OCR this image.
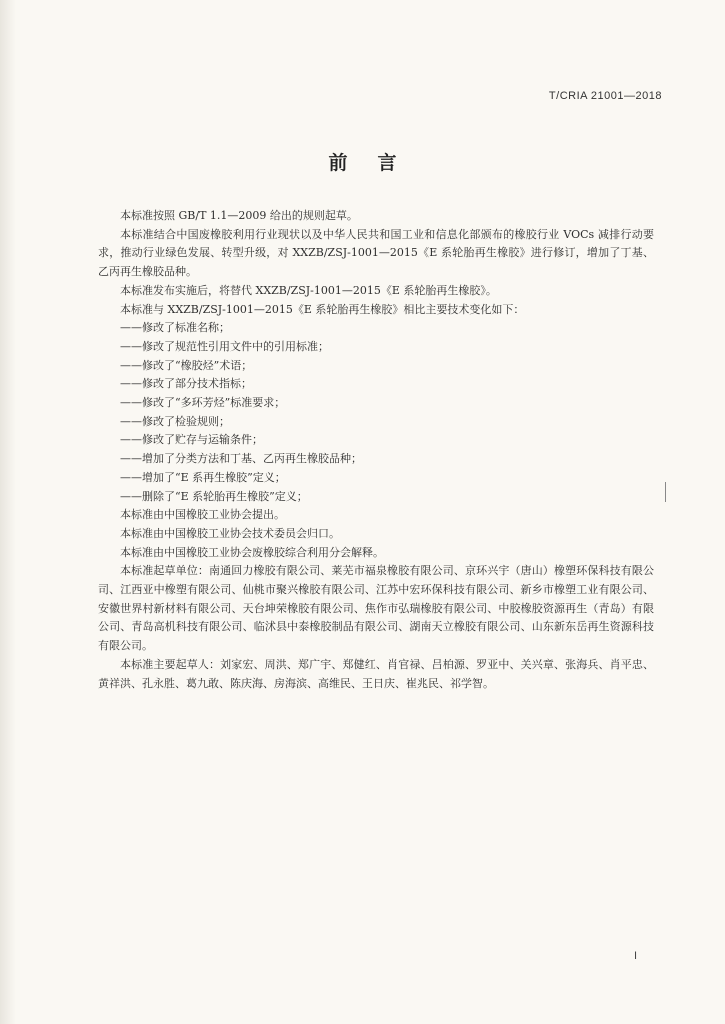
T/CRIA 21001—2018
前言

本标准按照 GB/T 1.1—2009 给出的规则起草。

本标准结合中国废橡胶利用行业现状以及中华人民共和国工业和信息化部颁布的橡胶行业 VOCs 减排行动要求，推动行业绿色发展、转型升级，对 XXZB/ZSJ-1001—2015《E 系轮胎再生橡胶》进行修订，增加了丁基、乙丙再生橡胶品种。

本标准发布实施后，将替代 XXZB/ZSJ-1001—2015《E 系轮胎再生橡胶》。

本标准与 XXZB/ZSJ-1001—2015《E 系轮胎再生橡胶》相比主要技术变化如下：

——修改了标准名称；

——修改了规范性引用文件中的引用标准；

——修改了“橡胶烃”术语；

——修改了部分技术指标；

——修改了“多环芳烃”标准要求；

——修改了检验规则；

——修改了贮存与运输条件；

——增加了分类方法和丁基、乙丙再生橡胶品种；

——增加了“E 系再生橡胶”定义；

——删除了“E 系轮胎再生橡胶”定义；

本标准由中国橡胶工业协会提出。

本标准由中国橡胶工业协会技术委员会归口。

本标准由中国橡胶工业协会废橡胶综合利用分会解释。

本标准起草单位：南通回力橡胶有限公司、莱芜市福泉橡胶有限公司、京环兴宇（唐山）橡塑环保科技有限公司、江西亚中橡塑有限公司、仙桃市聚兴橡胶有限公司、江苏中宏环保科技有限公司、新乡市橡塑工业有限公司、安徽世界村新材料有限公司、天台坤荣橡胶有限公司、焦作市弘瑞橡胶有限公司、中胶橡胶资源再生（青岛）有限公司、青岛高机科技有限公司、临沭县中泰橡胶制品有限公司、湖南天立橡胶有限公司、山东新东岳再生资源科技有限公司。

本标准主要起草人：刘家宏、周洪、郑广宇、郑健红、肖官禄、吕柏源、罗亚中、关兴章、张海兵、肖平忠、黄祥洪、孔永胜、葛九敢、陈庆海、房海滨、高维民、王日庆、崔兆民、祁学智。

I
